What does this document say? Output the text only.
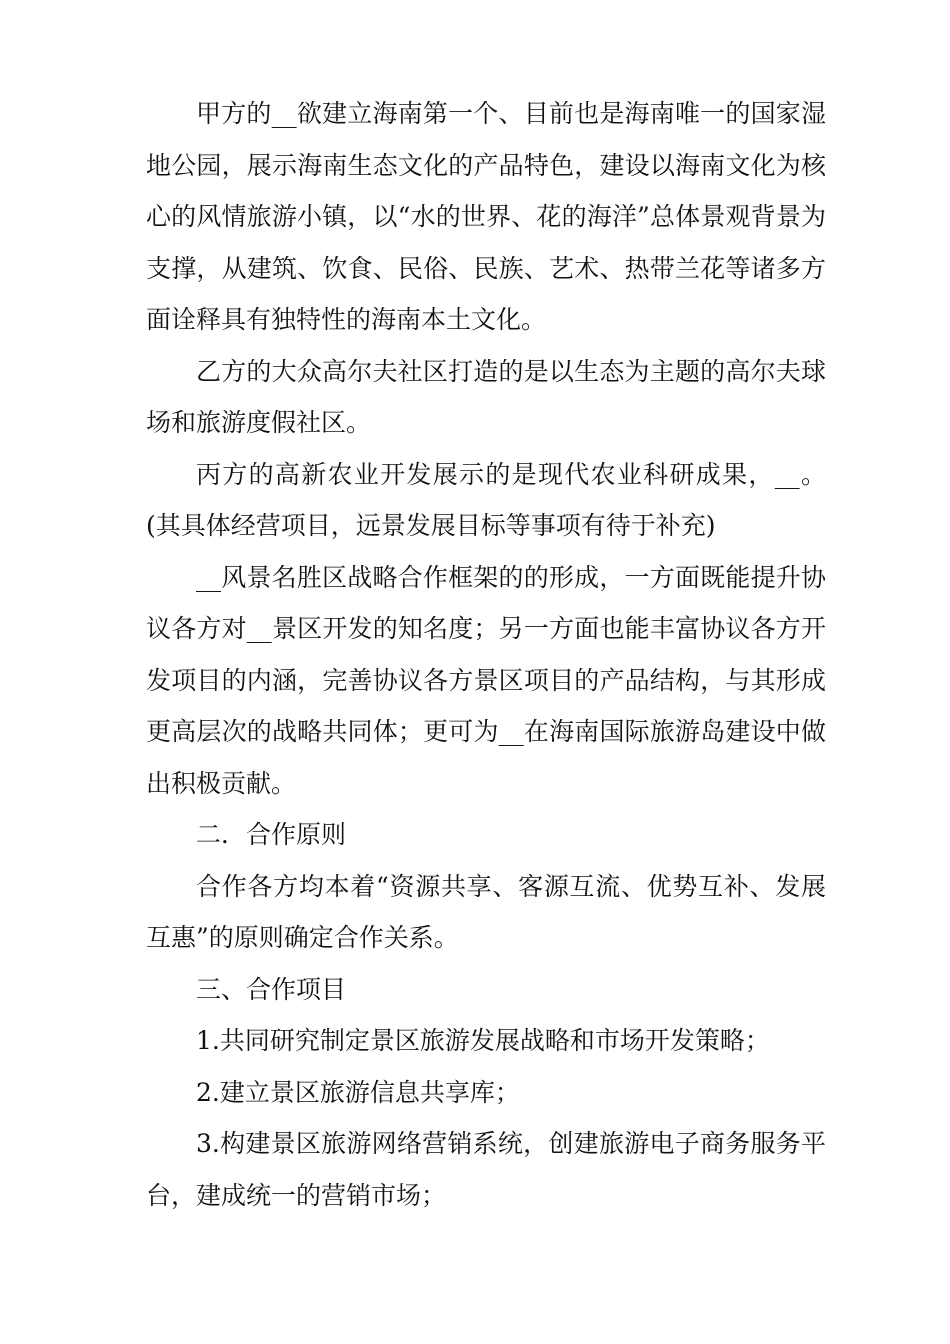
甲方的__欲建立海南第一个、目前也是海南唯一的国家湿地公园，展示海南生态文化的产品特色，建设以海南文化为核心的风情旅游小镇，以“水的世界、花的海洋”总体景观背景为支撑，从建筑、饮食、民俗、民族、艺术、热带兰花等诸多方面诠释具有独特性的海南本土文化。

乙方的大众高尔夫社区打造的是以生态为主题的高尔夫球场和旅游度假社区。

丙方的高新农业开发展示的是现代农业科研成果，__。(其具体经营项目，远景发展目标等事项有待于补充)

__风景名胜区战略合作框架的的形成，一方面既能提升协议各方对__景区开发的知名度；另一方面也能丰富协议各方开发项目的内涵，完善协议各方景区项目的产品结构，与其形成更高层次的战略共同体；更可为__在海南国际旅游岛建设中做出积极贡献。

二．合作原则

合作各方均本着“资源共享、客源互流、优势互补、发展互惠”的原则确定合作关系。

三、合作项目

1.共同研究制定景区旅游发展战略和市场开发策略；

2.建立景区旅游信息共享库；

3.构建景区旅游网络营销系统，创建旅游电子商务服务平台，建成统一的营销市场；
